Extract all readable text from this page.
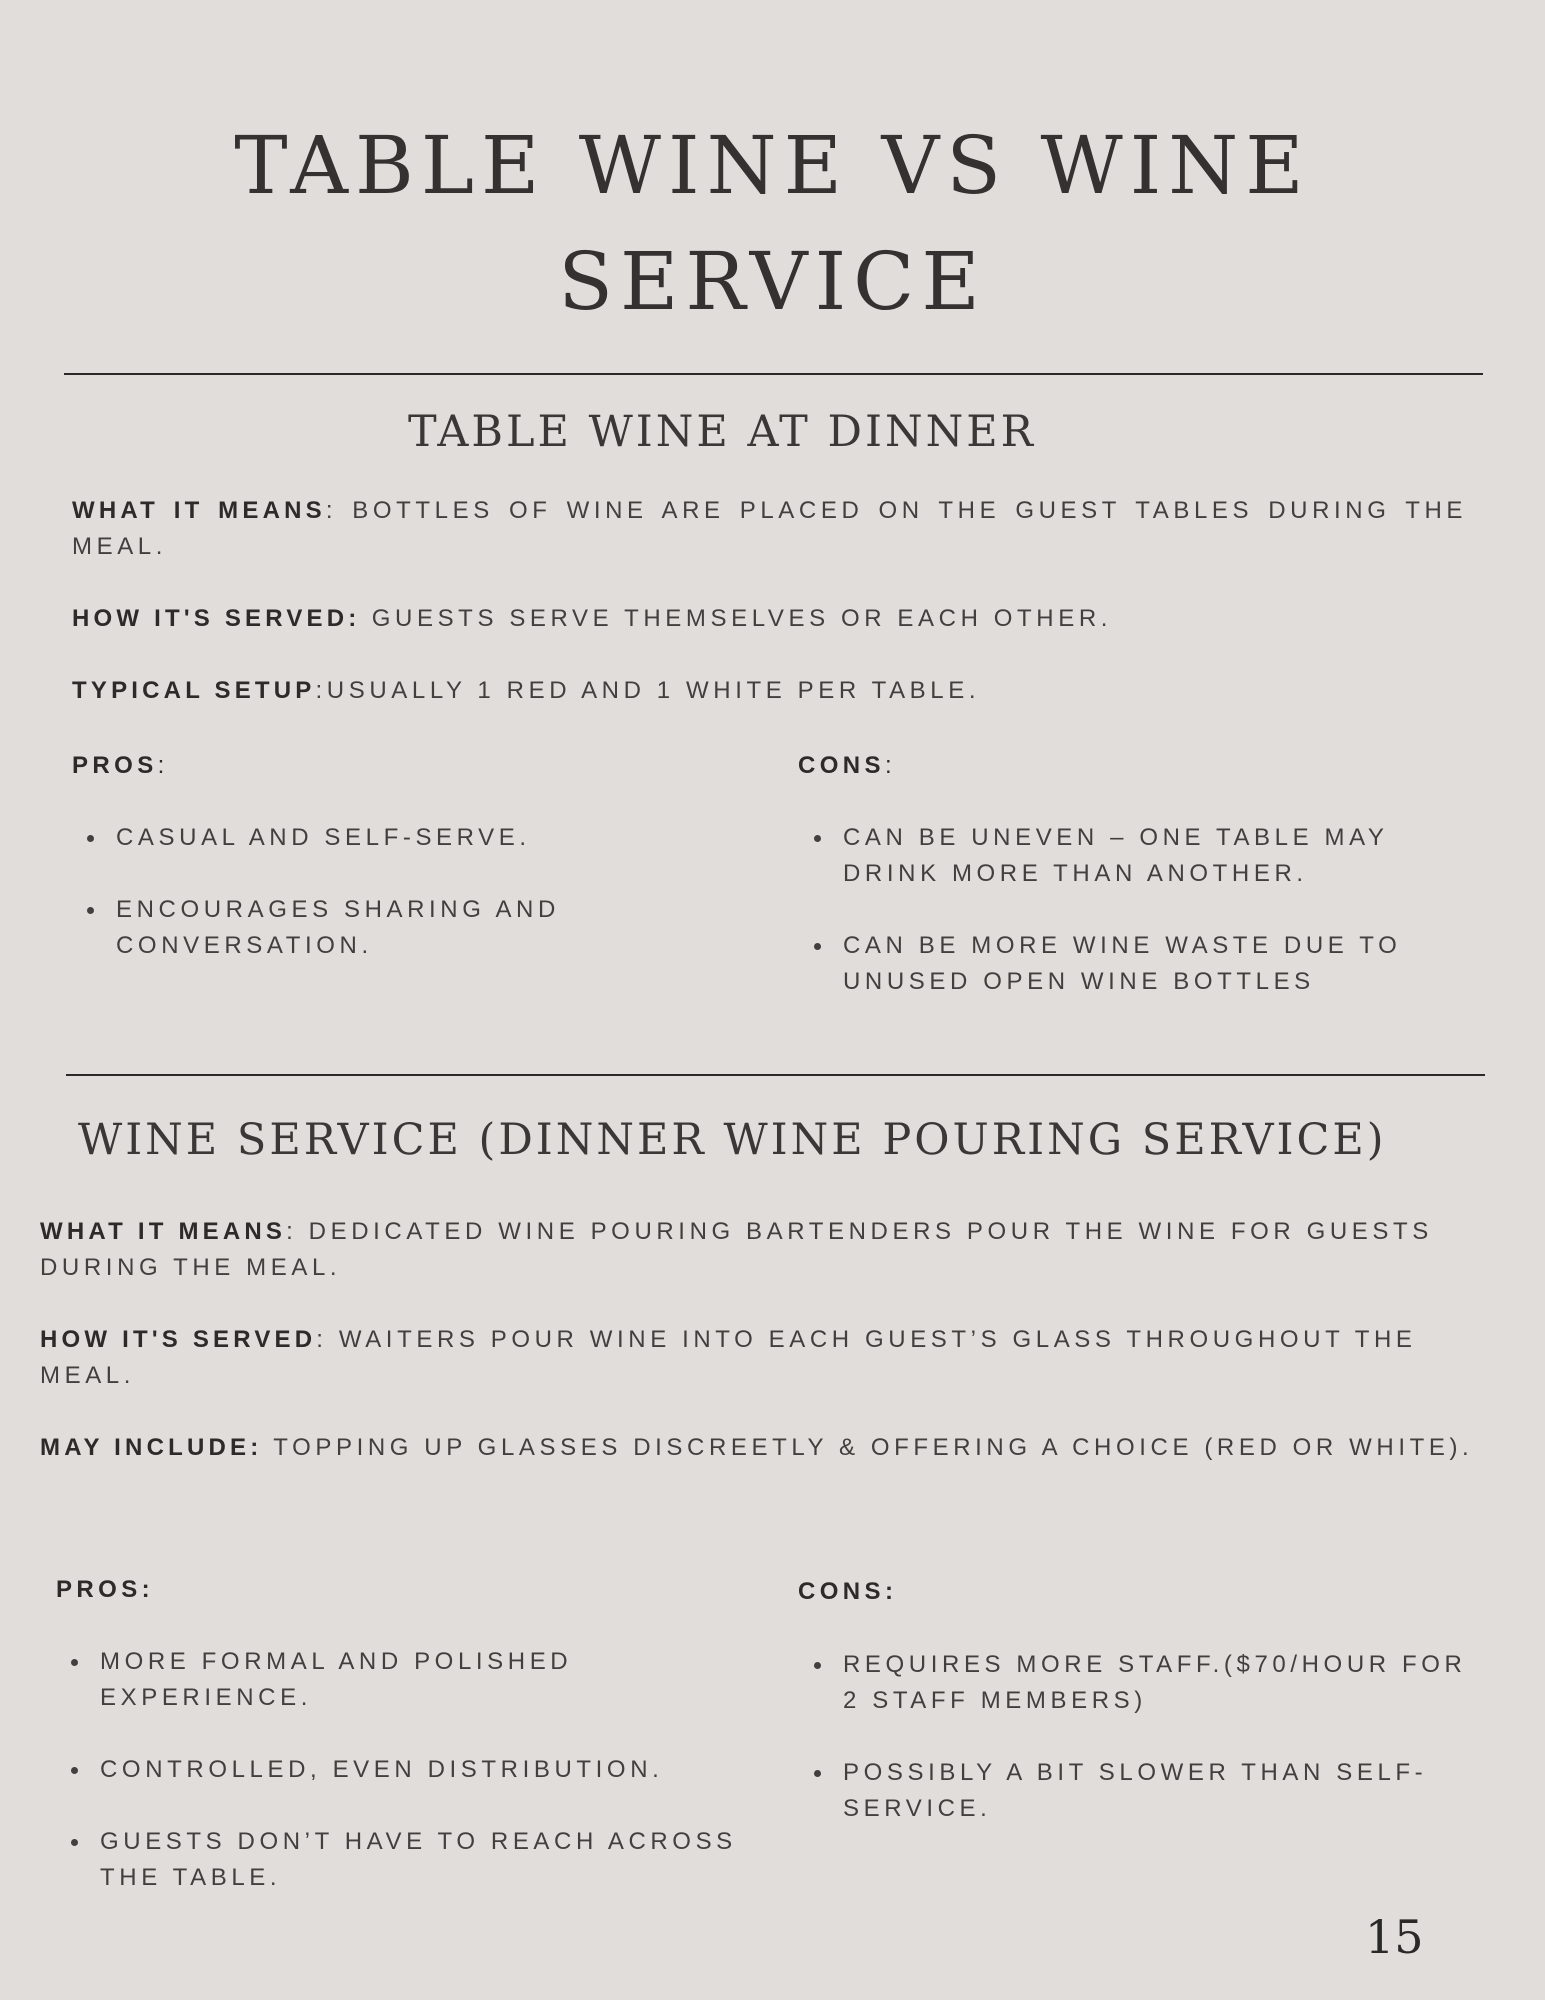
TABLE WINE VS WINE
SERVICE
TABLE WINE AT DINNER
WHAT IT MEANS: BOTTLES OF WINE ARE PLACED ON THE GUEST TABLES DURING THE MEAL.
HOW IT'S SERVED: GUESTS SERVE THEMSELVES OR EACH OTHER.
TYPICAL SETUP:USUALLY 1 RED AND 1 WHITE PER TABLE.
PROS:	CONS:
CASUAL AND SELF-SERVE.
ENCOURAGES SHARING AND CONVERSATION.
CAN BE UNEVEN – ONE TABLE MAY DRINK MORE THAN ANOTHER.
CAN BE MORE WINE WASTE DUE TO UNUSED OPEN WINE BOTTLES
WINE SERVICE (DINNER WINE POURING SERVICE)
WHAT IT MEANS: DEDICATED WINE POURING BARTENDERS POUR THE WINE FOR GUESTS DURING THE MEAL.
HOW IT'S SERVED: WAITERS POUR WINE INTO EACH GUEST’S GLASS THROUGHOUT THE MEAL.
MAY INCLUDE: TOPPING UP GLASSES DISCREETLY & OFFERING A CHOICE (RED OR WHITE).
PROS:	CONS:
MORE FORMAL AND POLISHED EXPERIENCE.
CONTROLLED, EVEN DISTRIBUTION.
GUESTS DON’T HAVE TO REACH ACROSS THE TABLE.
REQUIRES MORE STAFF.($70/HOUR FOR 2 STAFF MEMBERS)
POSSIBLY A BIT SLOWER THAN SELF-SERVICE.
15
